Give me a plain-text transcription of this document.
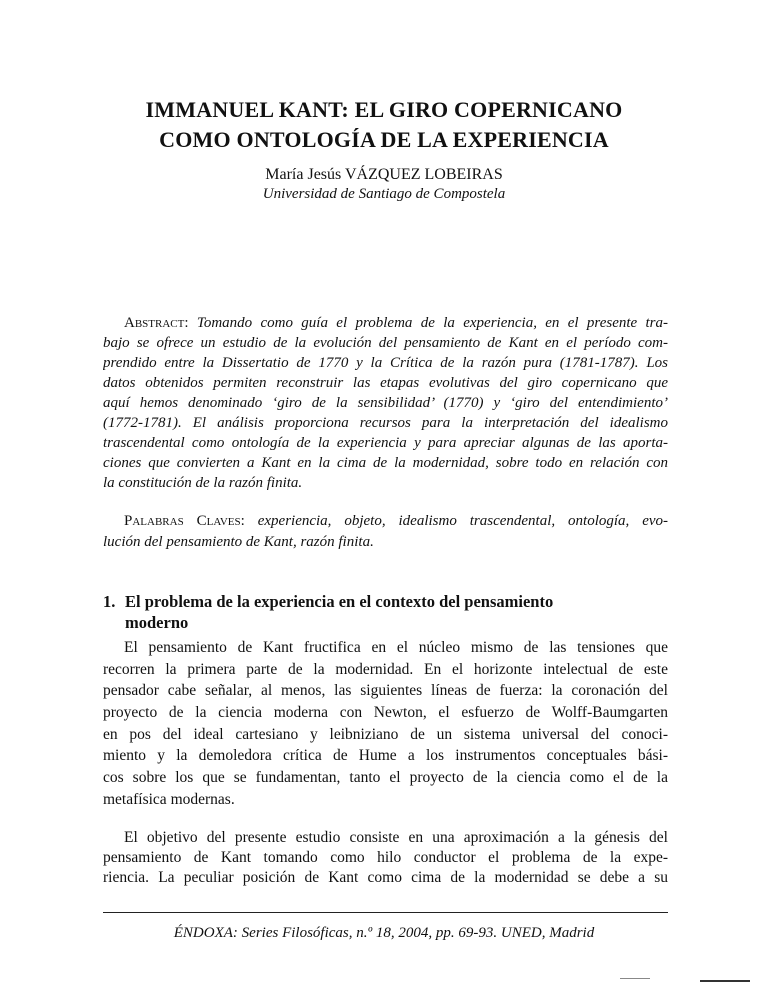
IMMANUEL KANT: EL GIRO COPERNICANO
COMO ONTOLOGÍA DE LA EXPERIENCIA
María Jesús VÁZQUEZ LOBEIRAS
Universidad de Santiago de Compostela
Abstract: Tomando como guía el problema de la experiencia, en el presente tra-
bajo se ofrece un estudio de la evolución del pensamiento de Kant en el período com-
prendido entre la Dissertatio de 1770 y la Crítica de la razón pura (1781-1787). Los
datos obtenidos permiten reconstruir las etapas evolutivas del giro copernicano que
aquí hemos denominado ‘giro de la sensibilidad’ (1770) y ‘giro del entendimiento’
(1772-1781). El análisis proporciona recursos para la interpretación del idealismo
trascendental como ontología de la experiencia y para apreciar algunas de las aporta-
ciones que convierten a Kant en la cima de la modernidad, sobre todo en relación con
la constitución de la razón finita.
Palabras Claves: experiencia, objeto, idealismo trascendental, ontología, evo-
lución del pensamiento de Kant, razón finita.
1. El problema de la experiencia en el contexto del pensamiento
moderno
El pensamiento de Kant fructifica en el núcleo mismo de las tensiones que
recorren la primera parte de la modernidad. En el horizonte intelectual de este
pensador cabe señalar, al menos, las siguientes líneas de fuerza: la coronación del
proyecto de la ciencia moderna con Newton, el esfuerzo de Wolff-Baumgarten
en pos del ideal cartesiano y leibniziano de un sistema universal del conoci-
miento y la demoledora crítica de Hume a los instrumentos conceptuales bási-
cos sobre los que se fundamentan, tanto el proyecto de la ciencia como el de la
metafísica modernas.
El objetivo del presente estudio consiste en una aproximación a la génesis del
pensamiento de Kant tomando como hilo conductor el problema de la expe-
riencia. La peculiar posición de Kant como cima de la modernidad se debe a su
ÉNDOXA: Series Filosóficas, n.º 18, 2004, pp. 69-93. UNED, Madrid
